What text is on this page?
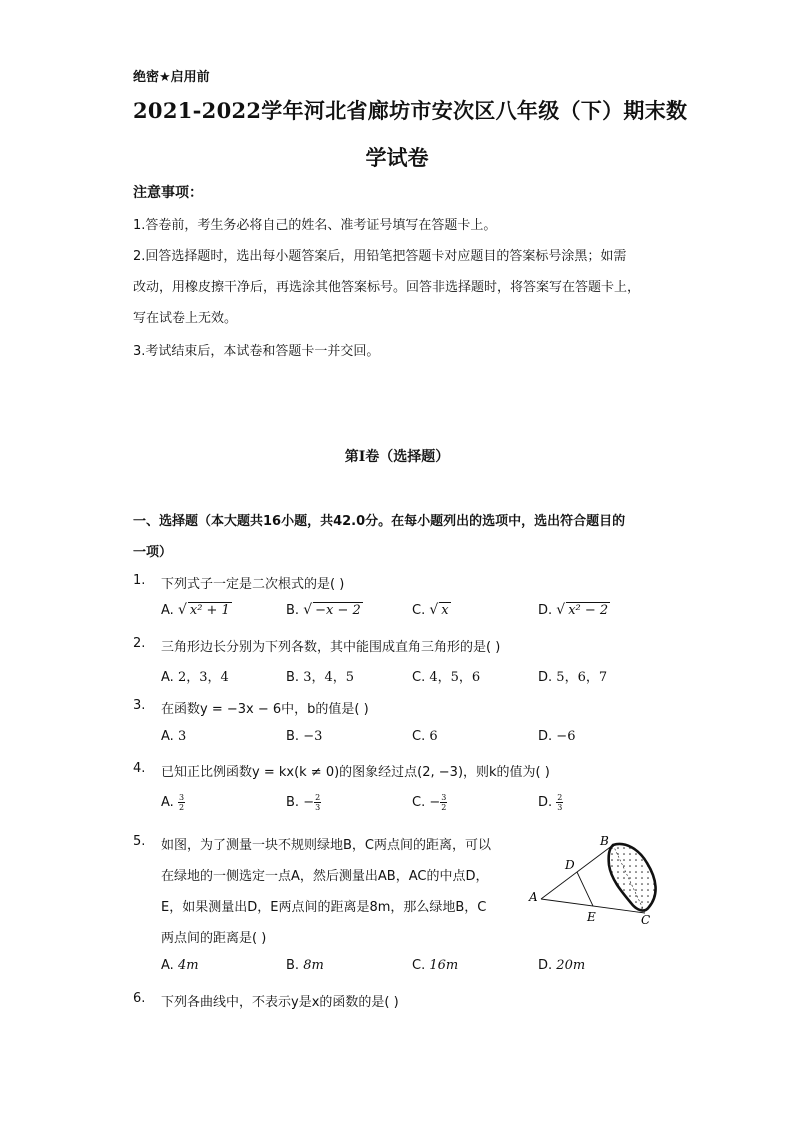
绝密★启用前
2021-2022学年河北省廊坊市安次区八年级（下）期末数
学试卷
注意事项：
1.答卷前，考生务必将自己的姓名、准考证号填写在答题卡上。
2.回答选择题时，选出每小题答案后，用铅笔把答题卡对应题目的答案标号涂黑；如需
改动，用橡皮擦干净后，再选涂其他答案标号。回答非选择题时，将答案写在答题卡上，
写在试卷上无效。
3.考试结束后，本试卷和答题卡一并交回。
第I卷（选择题）
一、选择题（本大题共16小题，共42.0分。在每小题列出的选项中，选出符合题目的
一项）
1. 下列式子一定是二次根式的是( )
A. √ x² + 1	B. √ −x − 2	C. √ x	D. √ x² − 2
2. 三角形边长分别为下列各数，其中能围成直角三角形的是( )
A. 2，3，4	B. 3，4，5	C. 4，5，6	D. 5，6，7
3. 在函数y = −3x − 6中，b的值是( )
A. 3	B. −3	C. 6	D. −6
4. 已知正比例函数y = kx(k ≠ 0)的图象经过点(2, −3)，则k的值为( )
A. $\frac{3}{2}$	B. − $\frac{2}{3}$	C. − $\frac{3}{2}$	D. $\frac{2}{3}$
5. 如图，为了测量一块不规则绿地B，C两点间的距离，可以
在绿地的一侧选定一点A，然后测量出AB，AC的中点D，
E，如果测量出D，E两点间的距离是8m，那么绿地B，C
两点间的距离是( )
A
B
C
D
E
A. 4m	B. 8m	C. 16m	D. 20m
6. 下列各曲线中，不表示y是x的函数的是( )
